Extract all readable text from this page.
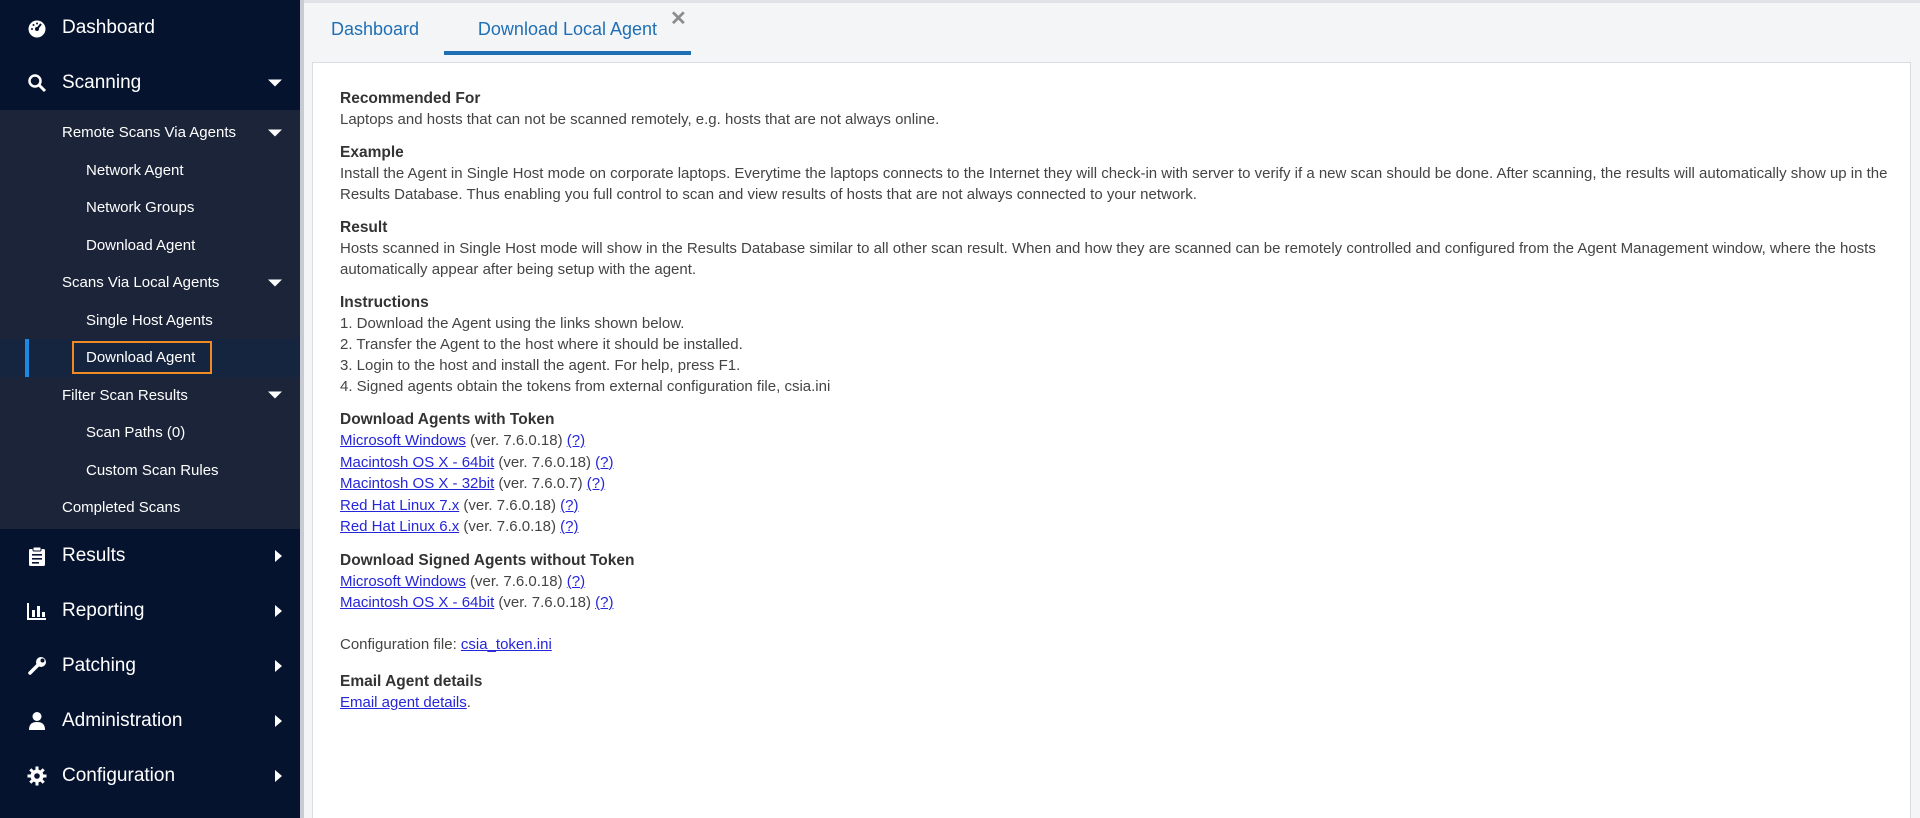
Dashboard
Scanning
Remote Scans Via Agents
Network Agent
Network Groups
Download Agent
Scans Via Local Agents
Single Host Agents
Download Agent
Filter Scan Results
Scan Paths (0)
Custom Scan Rules
Completed Scans
Results
Reporting
Patching
Administration
Configuration
Dashboard	Download Local Agent ✕
Recommended For
Laptops and hosts that can not be scanned remotely, e.g. hosts that are not always online.
Example
Install the Agent in Single Host mode on corporate laptops. Everytime the laptops connects to the Internet they will check-in with server to verify if a new scan should be done. After scanning, the results will automatically show up in the Results Database. Thus enabling you full control to scan and view results of hosts that are not always connected to your network.
Result
Hosts scanned in Single Host mode will show in the Results Database similar to all other scan result. When and how they are scanned can be remotely controlled and configured from the Agent Management window, where the hosts automatically appear after being setup with the agent.
Instructions
1. Download the Agent using the links shown below.
2. Transfer the Agent to the host where it should be installed.
3. Login to the host and install the agent. For help, press F1.
4. Signed agents obtain the tokens from external configuration file, csia.ini
Download Agents with Token
Microsoft Windows (ver. 7.6.0.18) (?)
Macintosh OS X - 64bit (ver. 7.6.0.18) (?)
Macintosh OS X - 32bit (ver. 7.6.0.7) (?)
Red Hat Linux 7.x (ver. 7.6.0.18) (?)
Red Hat Linux 6.x (ver. 7.6.0.18) (?)
Download Signed Agents without Token
Microsoft Windows (ver. 7.6.0.18) (?)
Macintosh OS X - 64bit (ver. 7.6.0.18) (?)
Configuration file: csia_token.ini
Email Agent details
Email agent details.
